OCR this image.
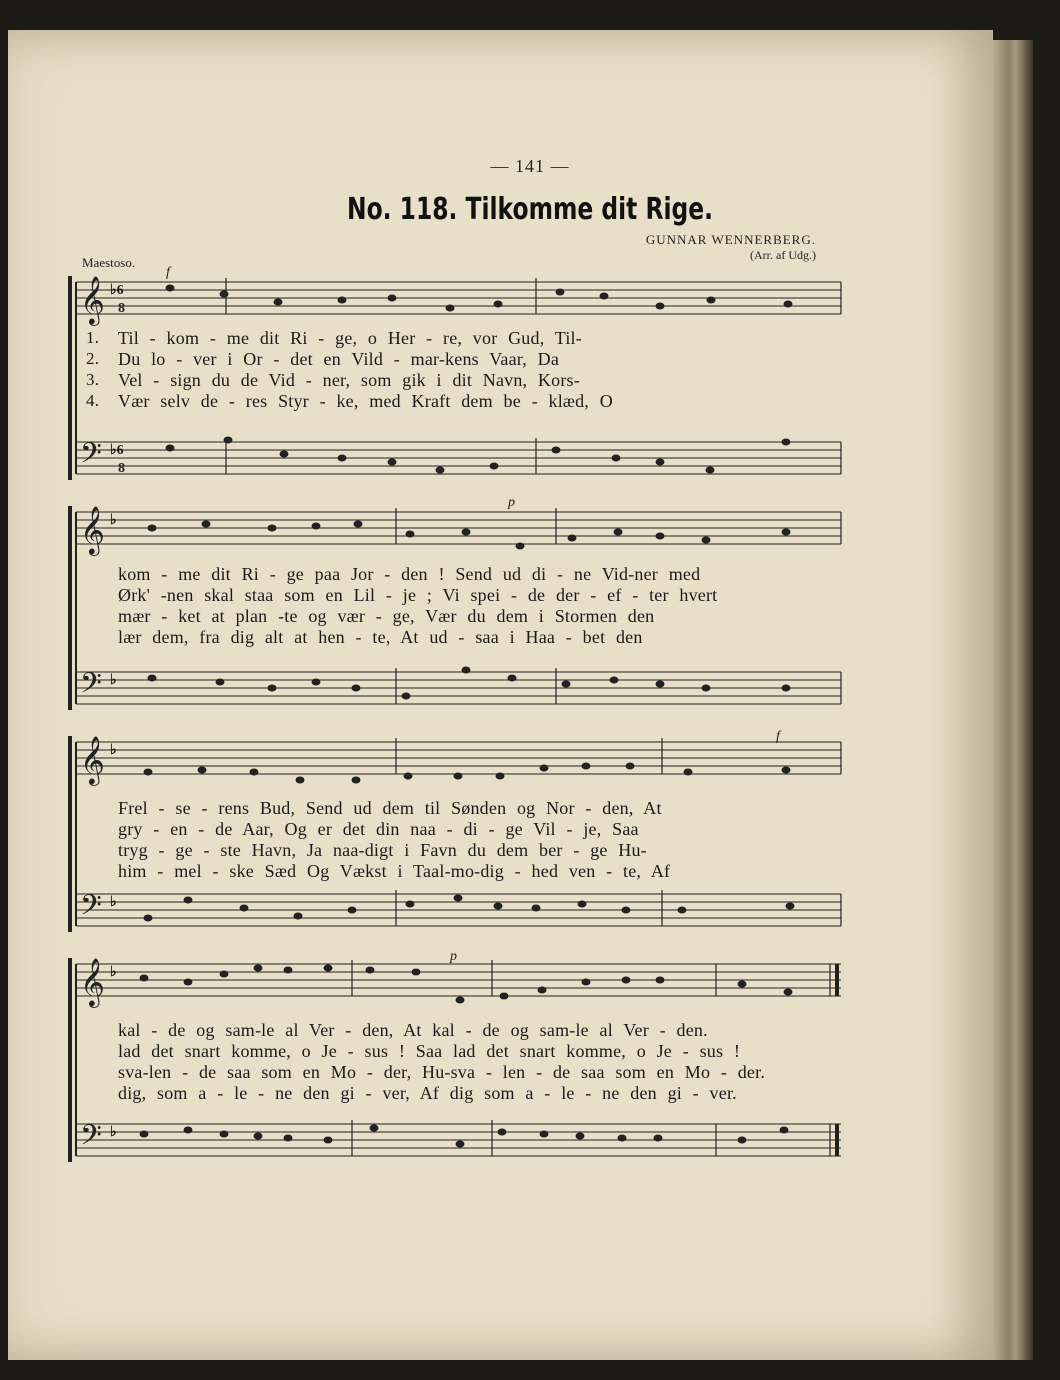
— 141 —
No. 118. Tilkomme dit Rige.
GUNNAR WENNERBERG.
(Arr. af Udg.)
Maestoso.
𝄞
𝄢
♭6
8
♭6
8
f
1.	Til - kom - me dit Ri - ge, o Her - re, vor Gud, Til-
2.	Du lo - ver i Or - det en Vild - mar-kens Vaar, Da
3.	Vel - sign du de Vid - ner, som gik i dit Navn, Kors-
4.	Vær selv de - res Styr - ke, med Kraft dem be - klæd, O
𝄞
𝄢
♭
♭
p
kom - me dit Ri - ge paa Jor - den ! Send ud di - ne Vid-ner med
Ørk' -nen skal staa som en Lil - je ; Vi spei - de der - ef - ter hvert
mær - ket at plan -te og vær - ge, Vær du dem i Stormen den
lær dem, fra dig alt at hen - te, At ud - saa i Haa - bet den
𝄞
𝄢
♭
♭
f
Frel - se - rens Bud, Send ud dem til Sønden og Nor - den, At
gry - en - de Aar, Og er det din naa - di - ge Vil - je, Saa
tryg - ge - ste Havn, Ja naa-digt i Favn du dem ber - ge Hu-
him - mel - ske Sæd Og Vækst i Taal-mo-dig - hed ven - te, Af
𝄞
𝄢
♭
♭
p
kal - de og sam-le al Ver - den, At kal - de og sam-le al Ver - den.
lad det snart komme, o Je - sus ! Saa lad det snart komme, o Je - sus !
sva-len - de saa som en Mo - der, Hu-sva - len - de saa som en Mo - der.
dig, som a - le - ne den gi - ver, Af dig som a - le - ne den gi - ver.
